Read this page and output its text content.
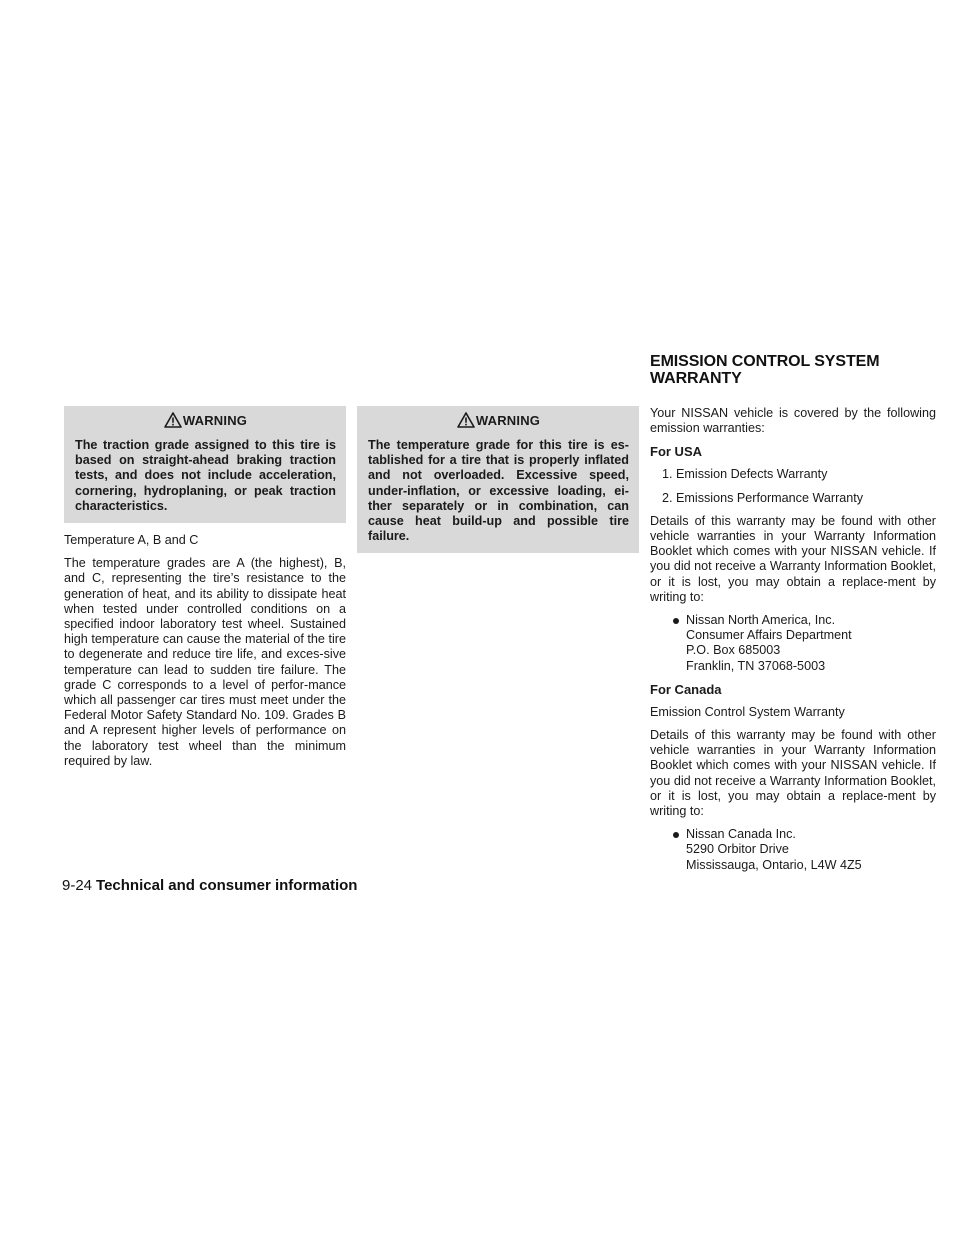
EMISSION CONTROL SYSTEM
WARRANTY
WARNING
The traction grade assigned to this tire is based on straight-ahead braking traction tests, and does not include acceleration, cornering, hydroplaning, or peak traction characteristics.

Temperature A, B and C

The temperature grades are A (the highest), B, and C, representing the tire’s resistance to the generation of heat, and its ability to dissipate heat when tested under controlled conditions on a specified indoor laboratory test wheel. Sustained high temperature can cause the material of the tire to degenerate and reduce tire life, and exces-sive temperature can lead to sudden tire failure. The grade C corresponds to a level of perfor-mance which all passenger car tires must meet under the Federal Motor Safety Standard No. 109. Grades B and A represent higher levels of performance on the laboratory test wheel than the minimum required by law.

WARNING
The temperature grade for this tire is es-tablished for a tire that is properly inflated and not overloaded. Excessive speed, under-inflation, or excessive loading, ei-ther separately or in combination, can cause heat build-up and possible tire failure.

Your NISSAN vehicle is covered by the following emission warranties:

For USA
1. Emission Defects Warranty
2. Emissions Performance Warranty

Details of this warranty may be found with other vehicle warranties in your Warranty Information Booklet which comes with your NISSAN vehicle. If you did not receive a Warranty Information Booklet, or it is lost, you may obtain a replace-ment by writing to:

Nissan North America, Inc.
Consumer Affairs Department
P.O. Box 685003
Franklin, TN 37068-5003
For Canada

Emission Control System Warranty

Details of this warranty may be found with other vehicle warranties in your Warranty Information Booklet which comes with your NISSAN vehicle. If you did not receive a Warranty Information Booklet, or it is lost, you may obtain a replace-ment by writing to:

Nissan Canada Inc.
5290 Orbitor Drive
Mississauga, Ontario, L4W 4Z5
9-24 Technical and consumer information
